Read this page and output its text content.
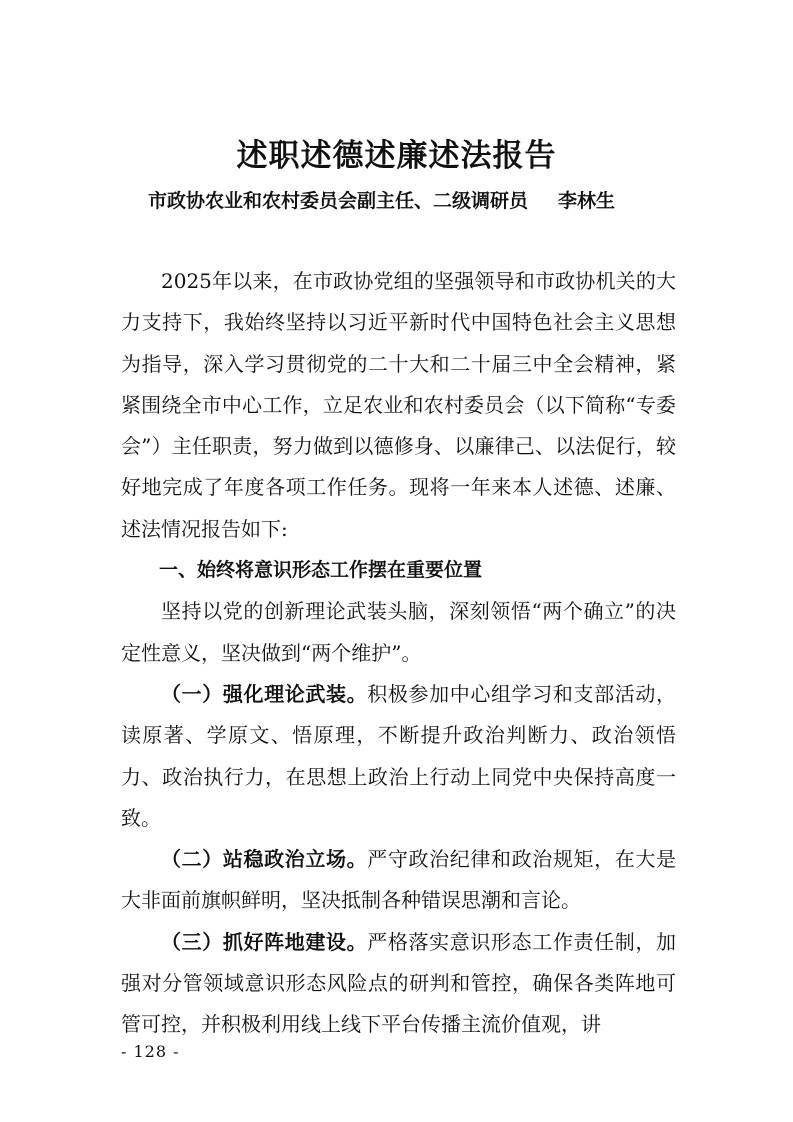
述职述德述廉述法报告
市政协农业和农村委员会副主任、二级调研员 李林生

2025年以来，在市政协党组的坚强领导和市政协机关的大力支持下，我始终坚持以习近平新时代中国特色社会主义思想为指导，深入学习贯彻党的二十大和二十届三中全会精神，紧紧围绕全市中心工作，立足农业和农村委员会（以下简称“专委会”）主任职责，努力做到以德修身、以廉律己、以法促行，较好地完成了年度各项工作任务。现将一年来本人述德、述廉、述法情况报告如下:

一、始终将意识形态工作摆在重要位置

坚持以党的创新理论武装头脑，深刻领悟“两个确立”的决定性意义，坚决做到“两个维护”。

（一）强化理论武装。积极参加中心组学习和支部活动，读原著、学原文、悟原理，不断提升政治判断力、政治领悟力、政治执行力，在思想上政治上行动上同党中央保持高度一致。

（二）站稳政治立场。严守政治纪律和政治规矩，在大是大非面前旗帜鲜明，坚决抵制各种错误思潮和言论。

（三）抓好阵地建设。严格落实意识形态工作责任制，加强对分管领域意识形态风险点的研判和管控，确保各类阵地可管可控，并积极利用线上线下平台传播主流价值观，讲

- 128 -
